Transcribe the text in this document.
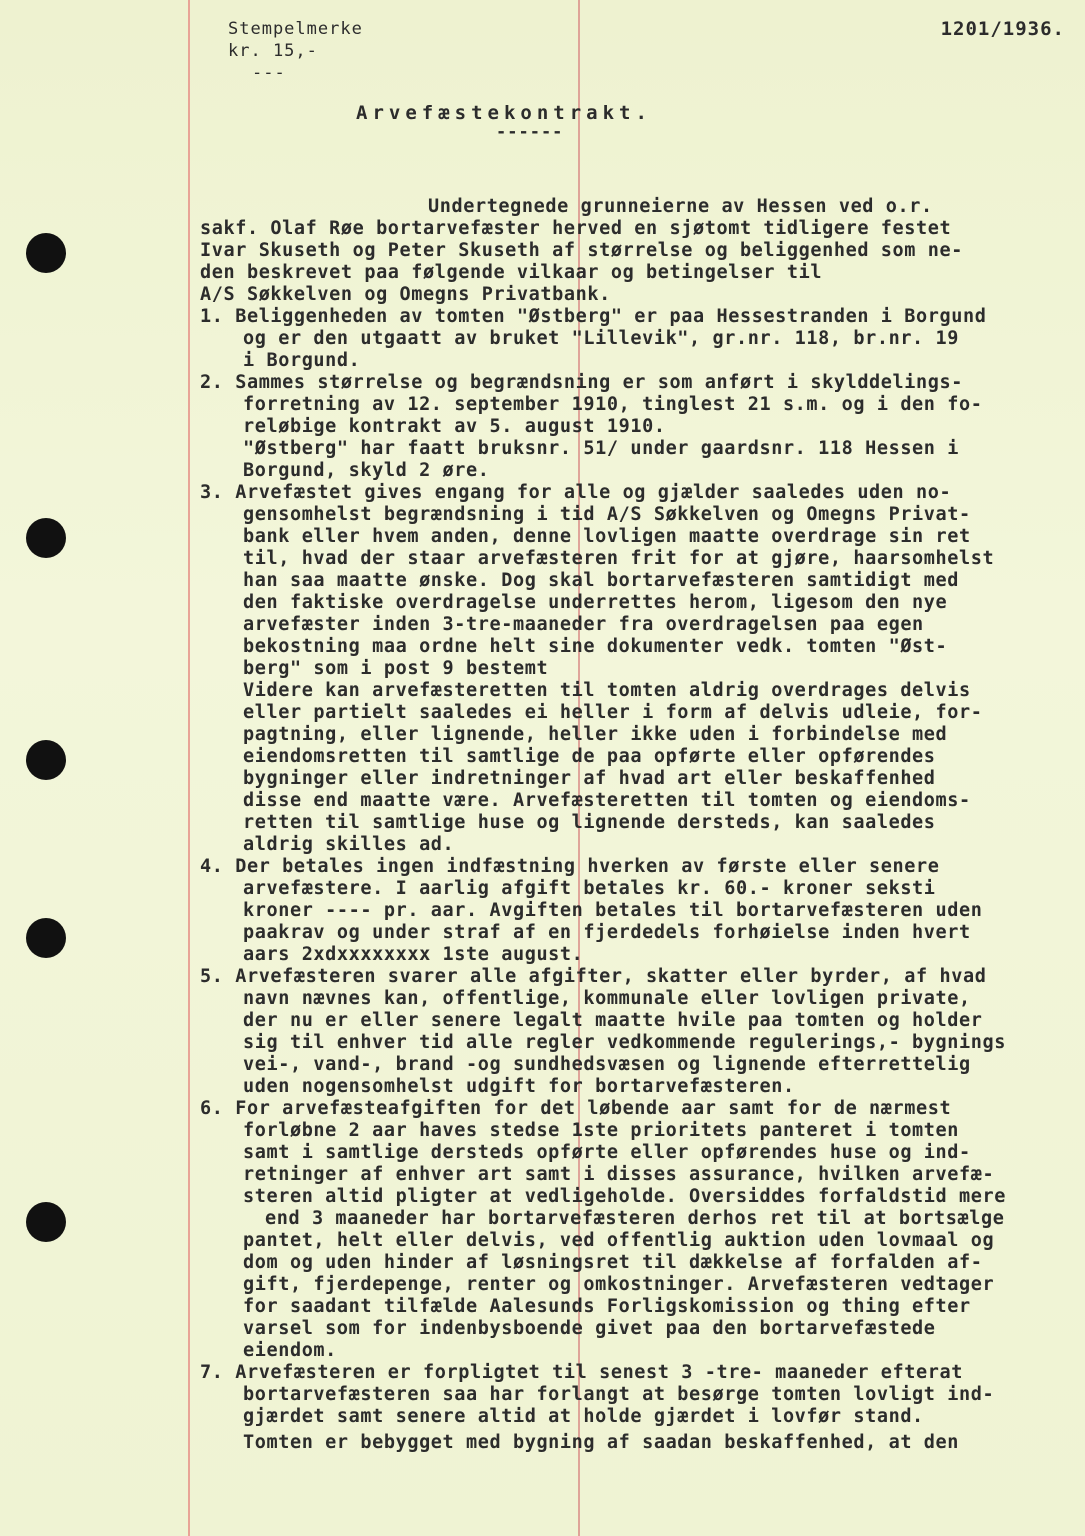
Stempelmerke
kr. 15,-
---
1201/1936.
Arvefæstekontrakt.
------
Undertegnede grunneierne av Hessen ved o.r.
sakf. Olaf Røe bortarvefæster herved en sjøtomt tidligere festet
Ivar Skuseth og Peter Skuseth af størrelse og beliggenhed som ne-
den beskrevet paa følgende vilkaar og betingelser til
A/S Søkkelven og Omegns Privatbank.
1. Beliggenheden av tomten "Østberg" er paa Hessestranden i Borgund
og er den utgaatt av bruket "Lillevik", gr.nr. 118, br.nr. 19
i Borgund.
2. Sammes størrelse og begrændsning er som anført i skylddelings-
forretning av 12. september 1910, tinglest 21 s.m. og i den fo-
reløbige kontrakt av 5. august 1910.
"Østberg" har faatt bruksnr. 51/ under gaardsnr. 118 Hessen i
Borgund, skyld 2 øre.
3. Arvefæstet gives engang for alle og gjælder saaledes uden no-
gensomhelst begrændsning i tid A/S Søkkelven og Omegns Privat-
bank eller hvem anden, denne lovligen maatte overdrage sin ret
til, hvad der staar arvefæsteren frit for at gjøre, haarsomhelst
han saa maatte ønske. Dog skal bortarvefæsteren samtidigt med
den faktiske overdragelse underrettes herom, ligesom den nye
arvefæster inden 3-tre-maaneder fra overdragelsen paa egen
bekostning maa ordne helt sine dokumenter vedk. tomten "Øst-
berg" som i post 9 bestemt
Videre kan arvefæsteretten til tomten aldrig overdrages delvis
eller partielt saaledes ei heller i form af delvis udleie, for-
pagtning, eller lignende, heller ikke uden i forbindelse med
eiendomsretten til samtlige de paa opførte eller opførendes
bygninger eller indretninger af hvad art eller beskaffenhed
disse end maatte være. Arvefæsteretten til tomten og eiendoms-
retten til samtlige huse og lignende dersteds, kan saaledes
aldrig skilles ad.
4. Der betales ingen indfæstning hverken av første eller senere
arvefæstere. I aarlig afgift betales kr. 60.- kroner seksti
kroner ---- pr. aar. Avgiften betales til bortarvefæsteren uden
paakrav og under straf af en fjerdedels forhøielse inden hvert
aars 2xdxxxxxxxx 1ste august.
5. Arvefæsteren svarer alle afgifter, skatter eller byrder, af hvad
navn nævnes kan, offentlige, kommunale eller lovligen private,
der nu er eller senere legalt maatte hvile paa tomten og holder
sig til enhver tid alle regler vedkommende regulerings,- bygnings
vei-, vand-, brand -og sundhedsvæsen og lignende efterrettelig
uden nogensomhelst udgift for bortarvefæsteren.
6. For arvefæsteafgiften for det løbende aar samt for de nærmest
forløbne 2 aar haves stedse 1ste prioritets panteret i tomten
samt i samtlige dersteds opførte eller opførendes huse og ind-
retninger af enhver art samt i disses assurance, hvilken arvefæ-
steren altid pligter at vedligeholde. Oversiddes forfaldstid mere
end 3 maaneder har bortarvefæsteren derhos ret til at bortsælge
pantet, helt eller delvis, ved offentlig auktion uden lovmaal og
dom og uden hinder af løsningsret til dækkelse af forfalden af-
gift, fjerdepenge, renter og omkostninger. Arvefæsteren vedtager
for saadant tilfælde Aalesunds Forligskomission og thing efter
varsel som for indenbysboende givet paa den bortarvefæstede
eiendom.
7. Arvefæsteren er forpligtet til senest 3 -tre- maaneder efterat
bortarvefæsteren saa har forlangt at besørge tomten lovligt ind-
gjærdet samt senere altid at holde gjærdet i lovfør stand.
Tomten er bebygget med bygning af saadan beskaffenhed, at den
